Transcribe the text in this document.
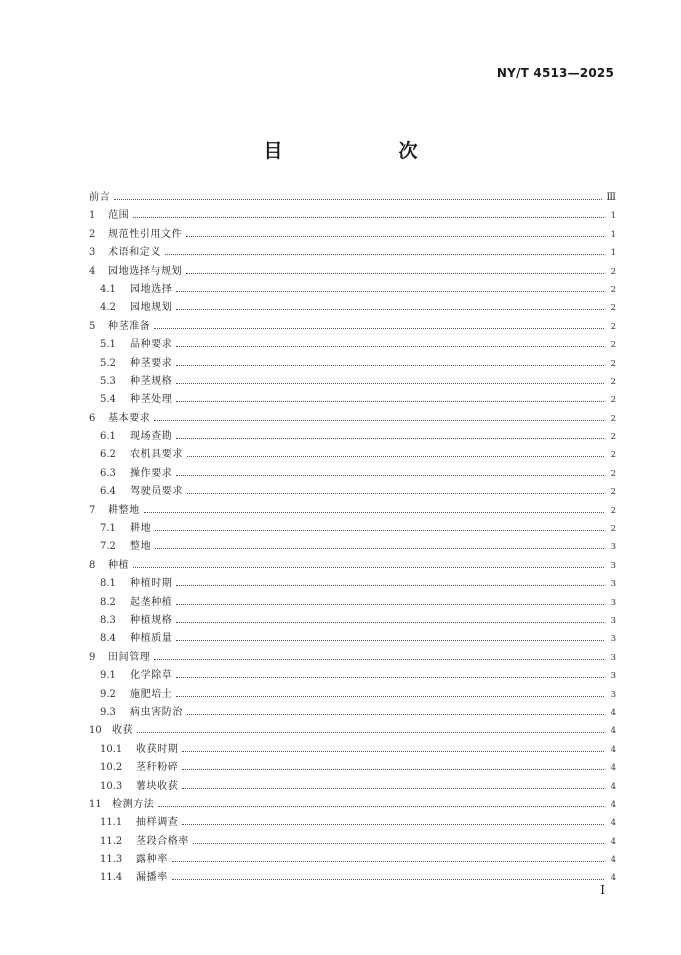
NY/T 4513—2025
目　　次
前言	Ⅲ
1	范围	1
2	规范性引用文件	1
3	术语和定义	1
4	园地选择与规划	2
4.1	园地选择	2
4.2	园地规划	2
5	种茎准备	2
5.1	品种要求	2
5.2	种茎要求	2
5.3	种茎规格	2
5.4	种茎处理	2
6	基本要求	2
6.1	现场查勘	2
6.2	农机具要求	2
6.3	操作要求	2
6.4	驾驶员要求	2
7	耕整地	2
7.1	耕地	2
7.2	整地	3
8	种植	3
8.1	种植时期	3
8.2	起垄种植	3
8.3	种植规格	3
8.4	种植质量	3
9	田间管理	3
9.1	化学除草	3
9.2	施肥培土	3
9.3	病虫害防治	4
10	收获	4
10.1	收获时期	4
10.2	茎秆粉碎	4
10.3	薯块收获	4
11	检测方法	4
11.1	抽样调查	4
11.2	茎段合格率	4
11.3	露种率	4
11.4	漏播率	4
Ⅰ
